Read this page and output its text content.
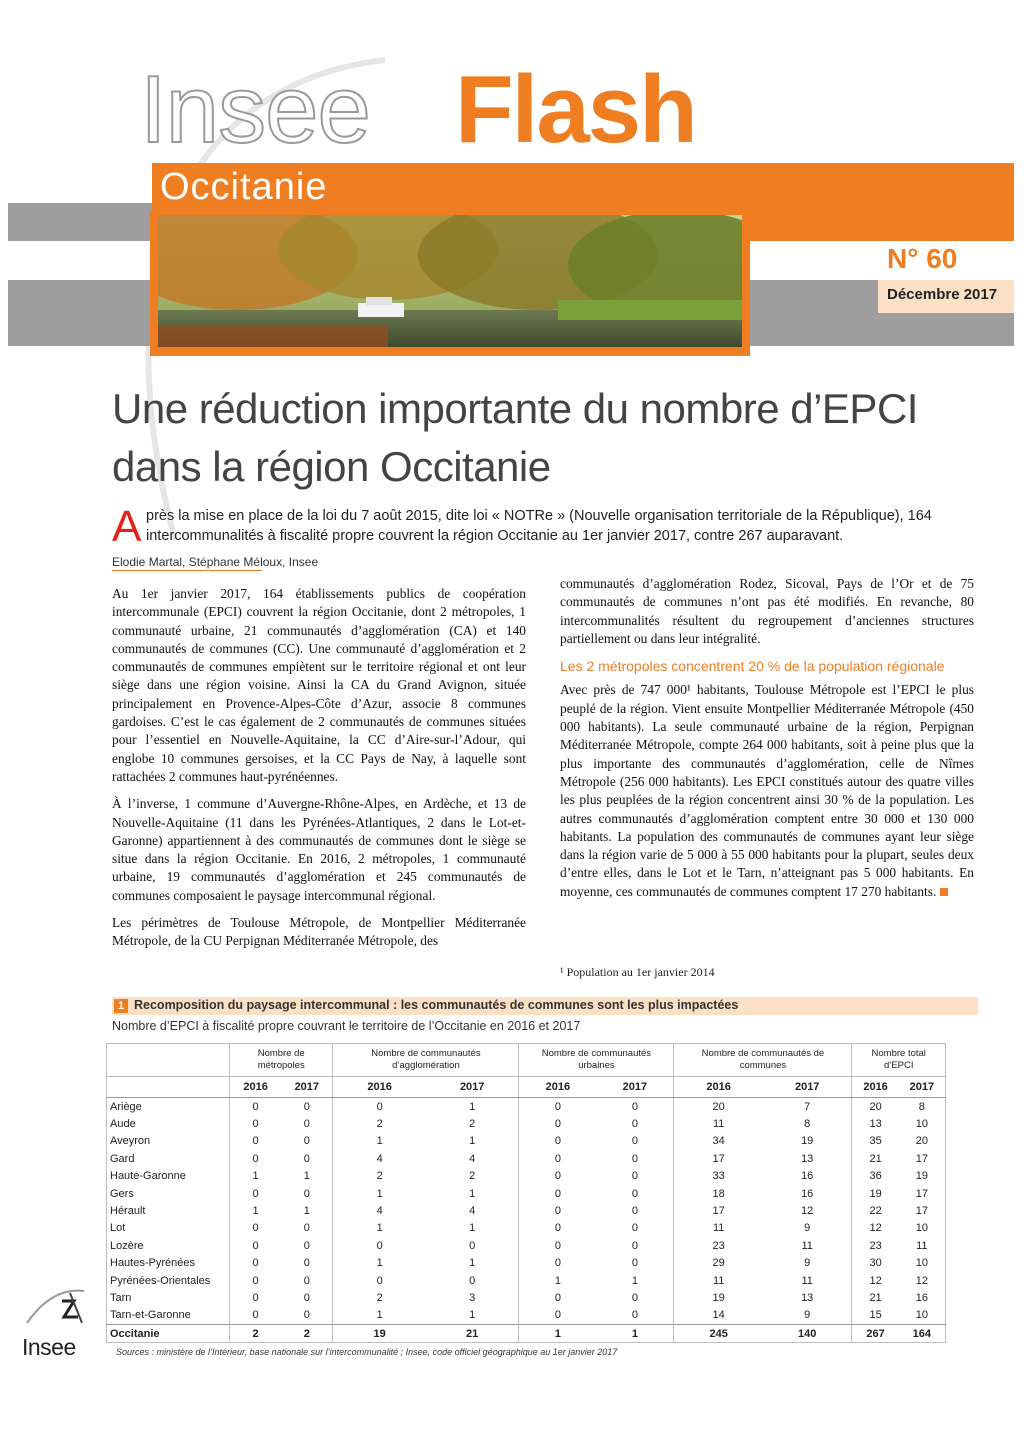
Insee Flash
Occitanie
N° 60
Décembre 2017
Une réduction importante du nombre d’EPCI
dans la région Occitanie
A près la mise en place de la loi du 7 août 2015, dite loi « NOTRe » (Nouvelle organisation territoriale de la République), 164 intercommunalités à fiscalité propre couvrent la région Occitanie au 1er janvier 2017, contre 267 auparavant.
Elodie Martal, Stéphane Méloux, Insee

Au 1er janvier 2017, 164 établissements publics de coopération intercommunale (EPCI) couvrent la région Occitanie, dont 2 métropoles, 1 communauté urbaine, 21 communautés d’agglomération (CA) et 140 communautés de communes (CC). Une communauté d’agglomération et 2 communautés de communes empiètent sur le territoire régional et ont leur siège dans une région voisine. Ainsi la CA du Grand Avignon, située principalement en Provence-Alpes-Côte d’Azur, associe 8 communes gardoises. C’est le cas également de 2 communautés de communes situées pour l’essentiel en Nouvelle-Aquitaine, la CC d’Aire-sur-l’Adour, qui englobe 10 communes gersoises, et la CC Pays de Nay, à laquelle sont rattachées 2 communes haut-pyrénéennes.

À l’inverse, 1 commune d’Auvergne-Rhône-Alpes, en Ardèche, et 13 de Nouvelle-Aquitaine (11 dans les Pyrénées-Atlantiques, 2 dans le Lot-et-Garonne) appartiennent à des communautés de communes dont le siège se situe dans la région Occitanie. En 2016, 2 métropoles, 1 communauté urbaine, 19 communautés d’agglomération et 245 communautés de communes composaient le paysage intercommunal régional.

Les périmètres de Toulouse Métropole, de Montpellier Méditerranée Métropole, de la CU Perpignan Méditerranée Métropole, des

communautés d’agglomération Rodez, Sicoval, Pays de l’Or et de 75 communautés de communes n’ont pas été modifiés. En revanche, 80 intercommunalités résultent du regroupement d’anciennes structures partiellement ou dans leur intégralité.

Les 2 métropoles concentrent 20 % de la population régionale

Avec près de 747 000¹ habitants, Toulouse Métropole est l’EPCI le plus peuplé de la région. Vient ensuite Montpellier Méditerranée Métropole (450 000 habitants). La seule communauté urbaine de la région, Perpignan Méditerranée Métropole, compte 264 000 habitants, soit à peine plus que la plus importante des communautés d’agglomération, celle de Nîmes Métropole (256 000 habitants). Les EPCI constitués autour des quatre villes les plus peuplées de la région concentrent ainsi 30 % de la population. Les autres communautés d’agglomération comptent entre 30 000 et 130 000 habitants. La population des communautés de communes ayant leur siège dans la région varie de 5 000 à 55 000 habitants pour la plupart, seules deux d’entre elles, dans le Lot et le Tarn, n’atteignant pas 5 000 habitants. En moyenne, ces communautés de communes comptent 17 270 habitants.

¹ Population au 1er janvier 2014
1 Recomposition du paysage intercommunal : les communautés de communes sont les plus impactées
Nombre d’EPCI à fiscalité propre couvrant le territoire de l’Occitanie en 2016 et 2017
	Nombre de métropoles		Nombre de communautés d’agglomération		Nombre de communautés urbaines		Nombre de communautés de communes		Nombre total d’EPCI	
	2016	2017	2016	2017	2016	2017	2016	2017	2016	2017
Ariège	0	0	0	1	0	0	20	7	20	8
Aude	0	0	2	2	0	0	11	8	13	10
Aveyron	0	0	1	1	0	0	34	19	35	20
Gard	0	0	4	4	0	0	17	13	21	17
Haute-Garonne	1	1	2	2	0	0	33	16	36	19
Gers	0	0	1	1	0	0	18	16	19	17
Hérault	1	1	4	4	0	0	17	12	22	17
Lot	0	0	1	1	0	0	11	9	12	10
Lozère	0	0	0	0	0	0	23	11	23	11
Hautes-Pyrénées	0	0	1	1	0	0	29	9	30	10
Pyrénées-Orientales	0	0	0	0	1	1	11	11	12	12
Tarn	0	0	2	3	0	0	19	13	21	16
Tarn-et-Garonne	0	0	1	1	0	0	14	9	15	10
Occitanie	2	2	19	21	1	1	245	140	267	164
Sources : ministère de l’Intérieur, base nationale sur l’intercommunalité ; Insee, code officiel géographique au 1er janvier 2017
Insee
